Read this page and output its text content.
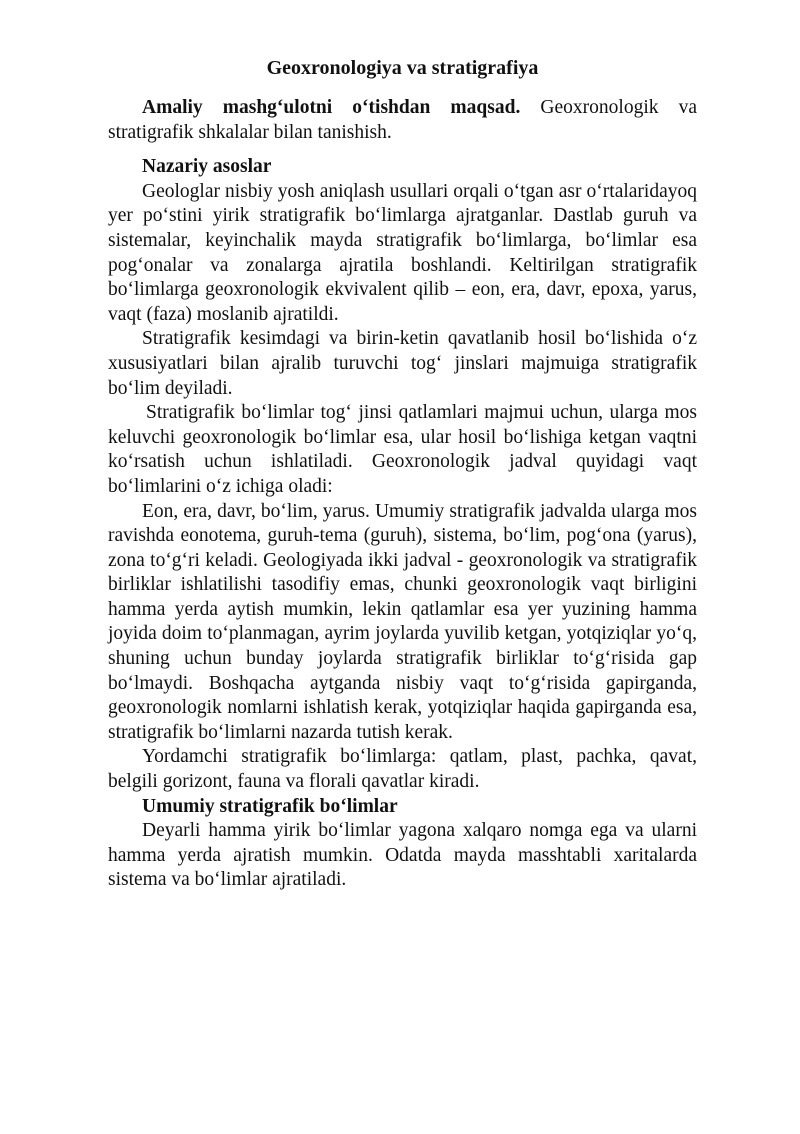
Geoxronologiya va stratigrafiya

Amaliy mashg‘ulotni o‘tishdan maqsad. Geoxronologik va stratigrafik shkalalar bilan tanishish.

Nazariy asoslar

Geologlar nisbiy yosh aniqlash usullari orqali o‘tgan asr o‘rtalaridayoq yer po‘stini yirik stratigrafik bo‘limlarga ajratganlar. Dastlab guruh va sistemalar, keyinchalik mayda stratigrafik bo‘limlarga, bo‘limlar esa pog‘onalar va zonalarga ajratila boshlandi. Keltirilgan stratigrafik bo‘limlarga geoxronologik ekvivalent qilib – eon, era, davr, epoxa, yarus, vaqt (faza) moslanib ajratildi.

Stratigrafik kesimdagi va birin-ketin qavatlanib hosil bo‘lishida o‘z xususiyatlari bilan ajralib turuvchi tog‘ jinslari majmuiga stratigrafik bo‘lim deyiladi.

Stratigrafik bo‘limlar tog‘ jinsi qatlamlari majmui uchun, ularga mos keluvchi geoxronologik bo‘limlar esa, ular hosil bo‘lishiga ketgan vaqtni ko‘rsatish uchun ishlatiladi. Geoxronologik jadval quyidagi vaqt bo‘limlarini o‘z ichiga oladi:

Eon, era, davr, bo‘lim, yarus. Umumiy stratigrafik jadvalda ularga mos ravishda eonotema, guruh-tema (guruh), sistema, bo‘lim, pog‘ona (yarus), zona to‘g‘ri keladi. Geologiyada ikki jadval - geoxronologik va stratigrafik birliklar ishlatilishi tasodifiy emas, chunki geoxronologik vaqt birligini hamma yerda aytish mumkin, lekin qatlamlar esa yer yuzining hamma joyida doim to‘planmagan, ayrim joylarda yuvilib ketgan, yotqiziqlar yo‘q, shuning uchun bunday joylarda stratigrafik birliklar to‘g‘risida gap bo‘lmaydi. Boshqacha aytganda nisbiy vaqt to‘g‘risida gapirganda, geoxronologik nomlarni ishlatish kerak, yotqiziqlar haqida gapirganda esa, stratigrafik bo‘limlarni nazarda tutish kerak.

Yordamchi stratigrafik bo‘limlarga: qatlam, plast, pachka, qavat, belgili gorizont, fauna va florali qavatlar kiradi.

Umumiy stratigrafik bo‘limlar

Deyarli hamma yirik bo‘limlar yagona xalqaro nomga ega va ularni hamma yerda ajratish mumkin. Odatda mayda masshtabli xaritalarda sistema va bo‘limlar ajratiladi.
